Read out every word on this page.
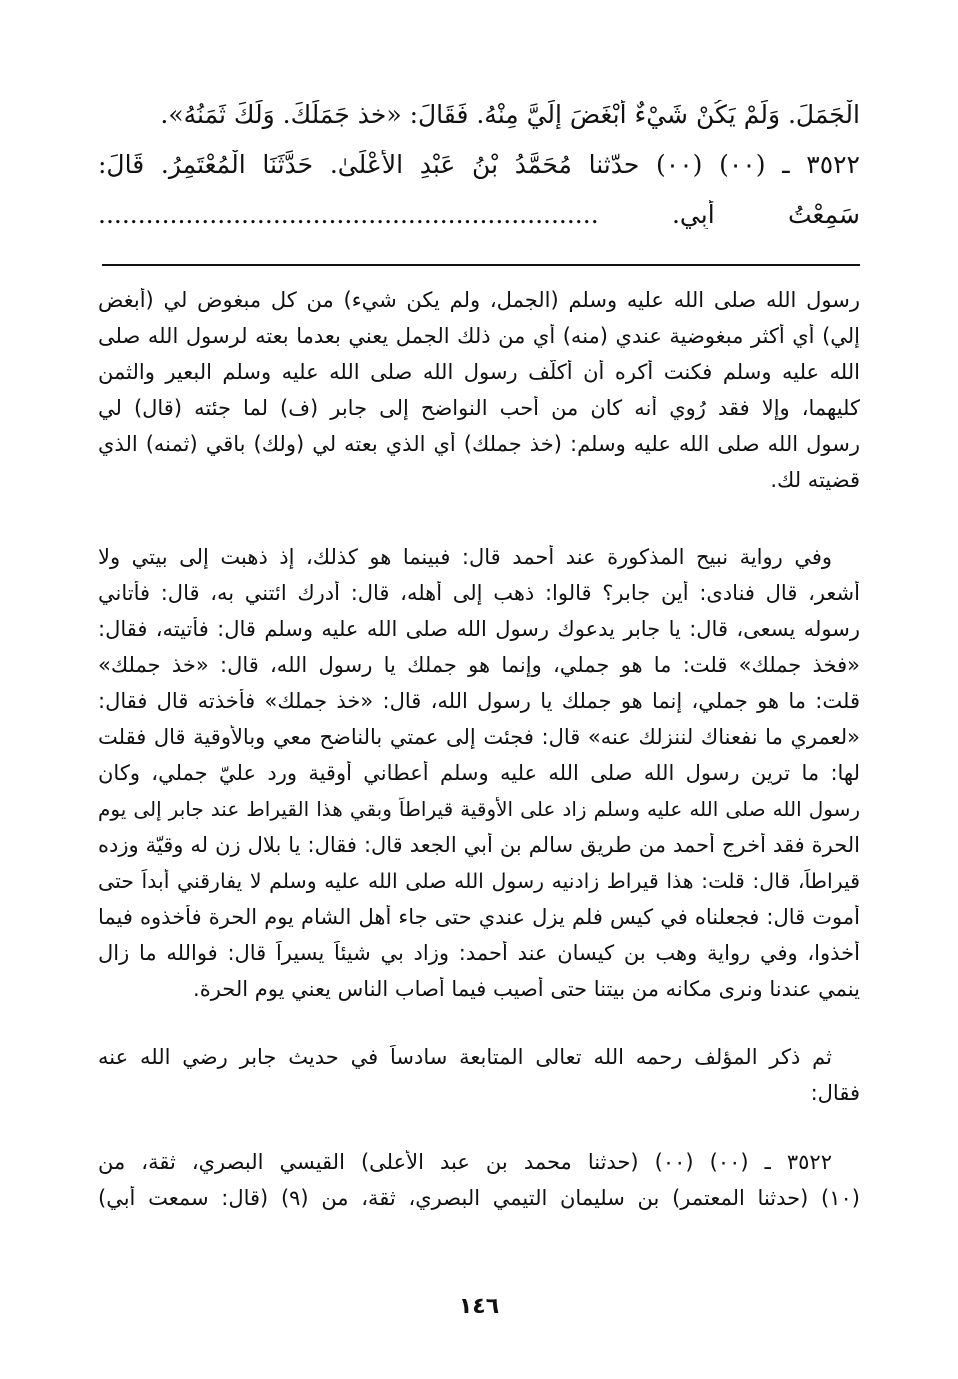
الْجَمَلَ. وَلَمْ يَكُنْ شَيْءٌ أَبْغَضَ إِلَيَّ مِنْهُ. فَقَالَ: «خذ جَمَلَكَ. وَلَكَ ثَمَنُهُ».
٣٥٢٢ ـ (٠٠) (٠٠) حدّثنا مُحَمَّدُ بْنُ عَبْدِ الأَعْلَىٰ. حَدَّثَنَا الْمُعْتَمِرُ. قَالَ:
سَمِعْتُ أَبِي. ...............................................................
رسول الله صلى الله عليه وسلم (الجمل، ولم يكن شيء) من كل مبغوض لي (أبغض
إلي) أي أكثر مبغوضية عندي (منه) أي من ذلك الجمل يعني بعدما بعته لرسول الله صلى
الله عليه وسلم فكنت أكره أن أُكلّف رسول الله صلى الله عليه وسلم البعير والثمن
كليهما، وإلا فقد رُوي أنه كان من أحب النواضح إلى جابر (ف) لما جئته (قال) لي
رسول الله صلى الله عليه وسلم: (خذ جملك) أي الذي بعته لي (ولك) باقي (ثمنه) الذي
قضيته لك.
وفي رواية نبيح المذكورة عند أحمد قال: فبينما هو كذلك، إذ ذهبت إلى بيتي ولا
أشعر، قال فنادى: أين جابر؟ قالوا: ذهب إلى أهله، قال: أدرك ائتني به، قال: فأتاني
رسوله يسعى، قال: يا جابر يدعوك رسول الله صلى الله عليه وسلم قال: فأتيته، فقال:
«فخذ جملك» قلت: ما هو جملي، وإنما هو جملك يا رسول الله، قال: «خذ جملك»
قلت: ما هو جملي، إنما هو جملك يا رسول الله، قال: «خذ جملك» فأخذته قال فقال:
«لعمري ما نفعناك لننزلك عنه» قال: فجئت إلى عمتي بالناضح معي وبالأوقية قال فقلت
لها: ما ترين رسول الله صلى الله عليه وسلم أعطاني أوقية ورد عليّ جملي، وكان
رسول الله صلى الله عليه وسلم زاد على الأوقية قيراطاً وبقي هذا القيراط عند جابر إلى يوم
الحرة فقد أخرج أحمد من طريق سالم بن أبي الجعد قال: فقال: يا بلال زن له وقيّة وزده
قيراطاً، قال: قلت: هذا قيراط زادنيه رسول الله صلى الله عليه وسلم لا يفارقني أبداً حتى
أموت قال: فجعلناه في كيس فلم يزل عندي حتى جاء أهل الشام يوم الحرة فأخذوه فيما
أخذوا، وفي رواية وهب بن كيسان عند أحمد: وزاد بي شيئاً يسيراً قال: فوالله ما زال
ينمي عندنا ونرى مكانه من بيتنا حتى أُصيب فيما أصاب الناس يعني يوم الحرة.
ثم ذكر المؤلف رحمه الله تعالى المتابعة سادساً في حديث جابر رضي الله عنه
فقال:
٣٥٢٢ ـ (٠٠) (٠٠) (حدثنا محمد بن عبد الأعلى) القيسي البصري، ثقة، من
(١٠) (حدثنا المعتمر) بن سليمان التيمي البصري، ثقة، من (٩) (قال: سمعت أبي)
١٤٦
